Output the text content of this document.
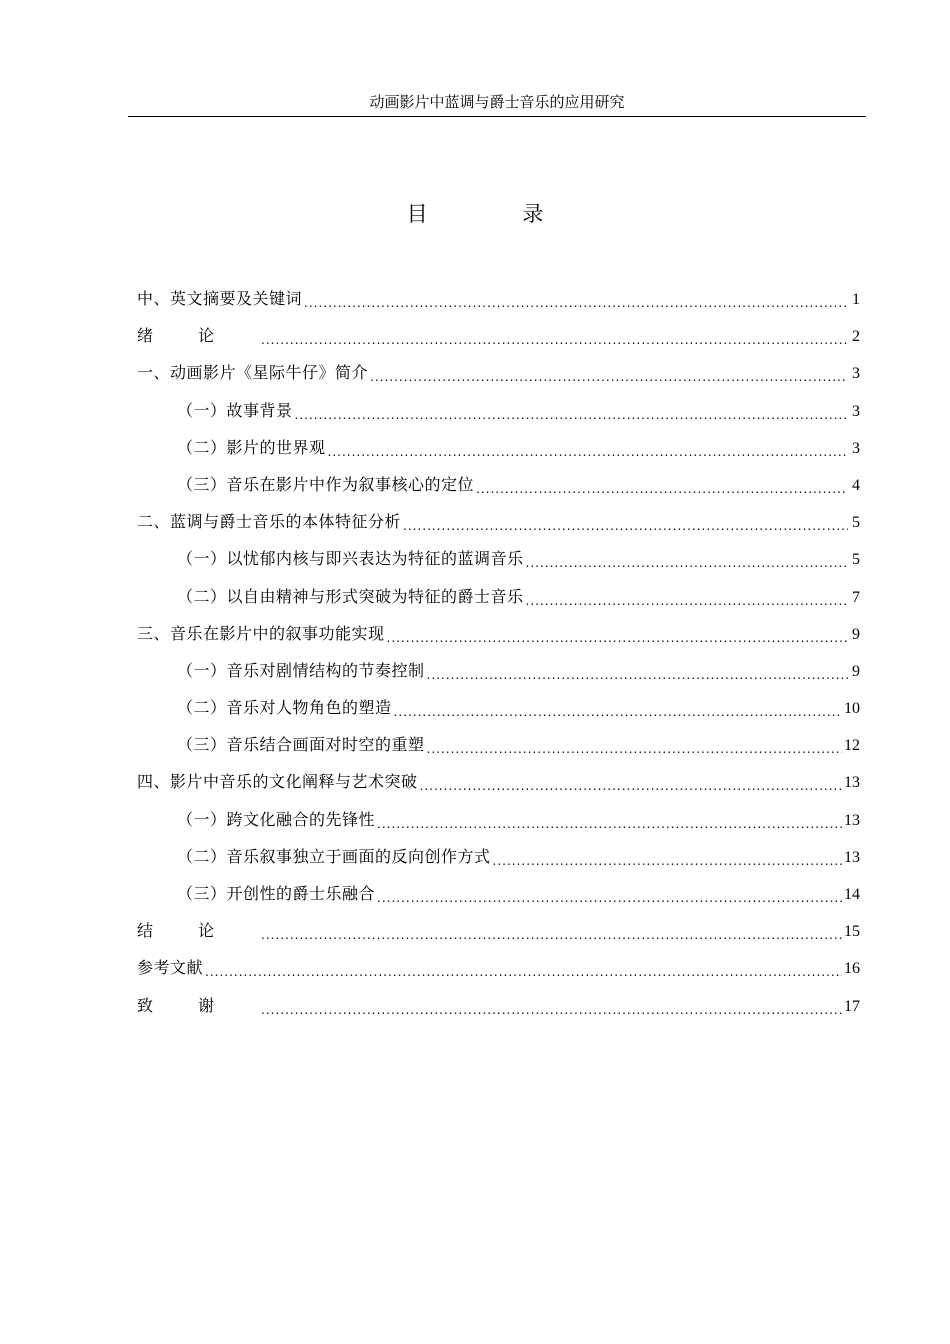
动画影片中蓝调与爵士音乐的应用研究
目 录
中、英文摘要及关键词 .....	1
绪论 .....	2
一、动画影片《星际牛仔》简介 .....	3
（一）故事背景 .....	3
（二）影片的世界观 .....	3
（三）音乐在影片中作为叙事核心的定位 .....	4
二、蓝调与爵士音乐的本体特征分析 .....	5
（一）以忧郁内核与即兴表达为特征的蓝调音乐 .....	5
（二）以自由精神与形式突破为特征的爵士音乐 .....	7
三、音乐在影片中的叙事功能实现 .....	9
（一）音乐对剧情结构的节奏控制 .....	9
（二）音乐对人物角色的塑造 .....	10
（三）音乐结合画面对时空的重塑 .....	12
四、影片中音乐的文化阐释与艺术突破 .....	13
（一）跨文化融合的先锋性 .....	13
（二）音乐叙事独立于画面的反向创作方式 .....	13
（三）开创性的爵士乐融合 .....	14
结论 .....	15
参考文献 .....	16
致谢 .....	17
